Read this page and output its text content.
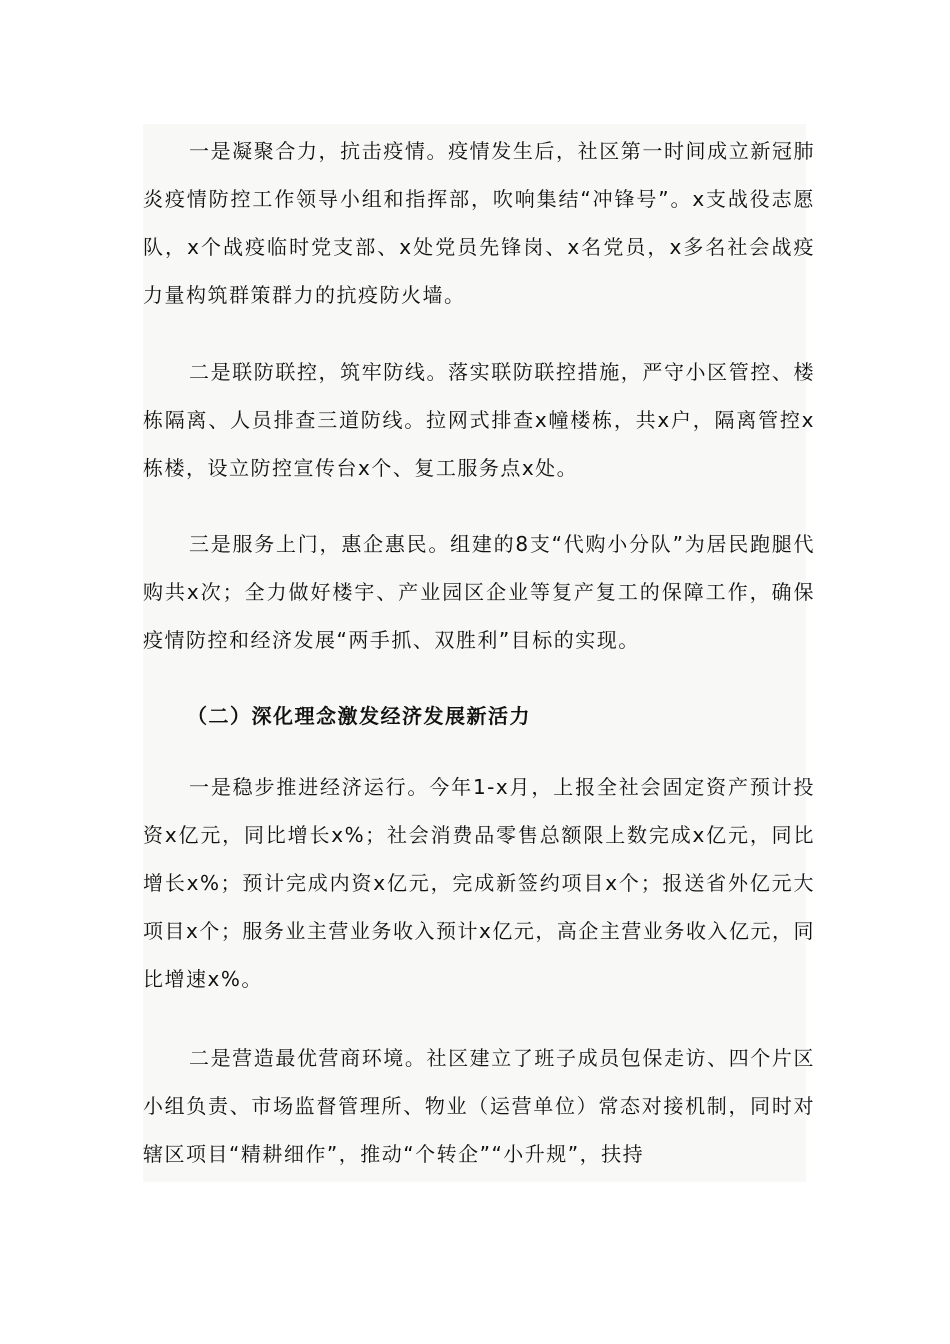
一是凝聚合力，抗击疫情。疫情发生后，社区第一时间成立新冠肺炎疫情防控工作领导小组和指挥部，吹响集结“冲锋号”。x支战役志愿队，x个战疫临时党支部、x处党员先锋岗、x名党员，x多名社会战疫力量构筑群策群力的抗疫防火墙。

二是联防联控，筑牢防线。落实联防联控措施，严守小区管控、楼栋隔离、人员排查三道防线。拉网式排查x幢楼栋，共x户，隔离管控x栋楼，设立防控宣传台x个、复工服务点x处。

三是服务上门，惠企惠民。组建的8支“代购小分队”为居民跑腿代购共x次；全力做好楼宇、产业园区企业等复产复工的保障工作，确保疫情防控和经济发展“两手抓、双胜利”目标的实现。

（二）深化理念激发经济发展新活力

一是稳步推进经济运行。今年1-x月，上报全社会固定资产预计投资x亿元，同比增长x%；社会消费品零售总额限上数完成x亿元，同比增长x%；预计完成内资x亿元，完成新签约项目x个；报送省外亿元大项目x个；服务业主营业务收入预计x亿元，高企主营业务收入亿元，同比增速x%。

二是营造最优营商环境。社区建立了班子成员包保走访、四个片区小组负责、市场监督管理所、物业（运营单位）常态对接机制，同时对辖区项目“精耕细作”，推动“个转企”“小升规”，扶持
